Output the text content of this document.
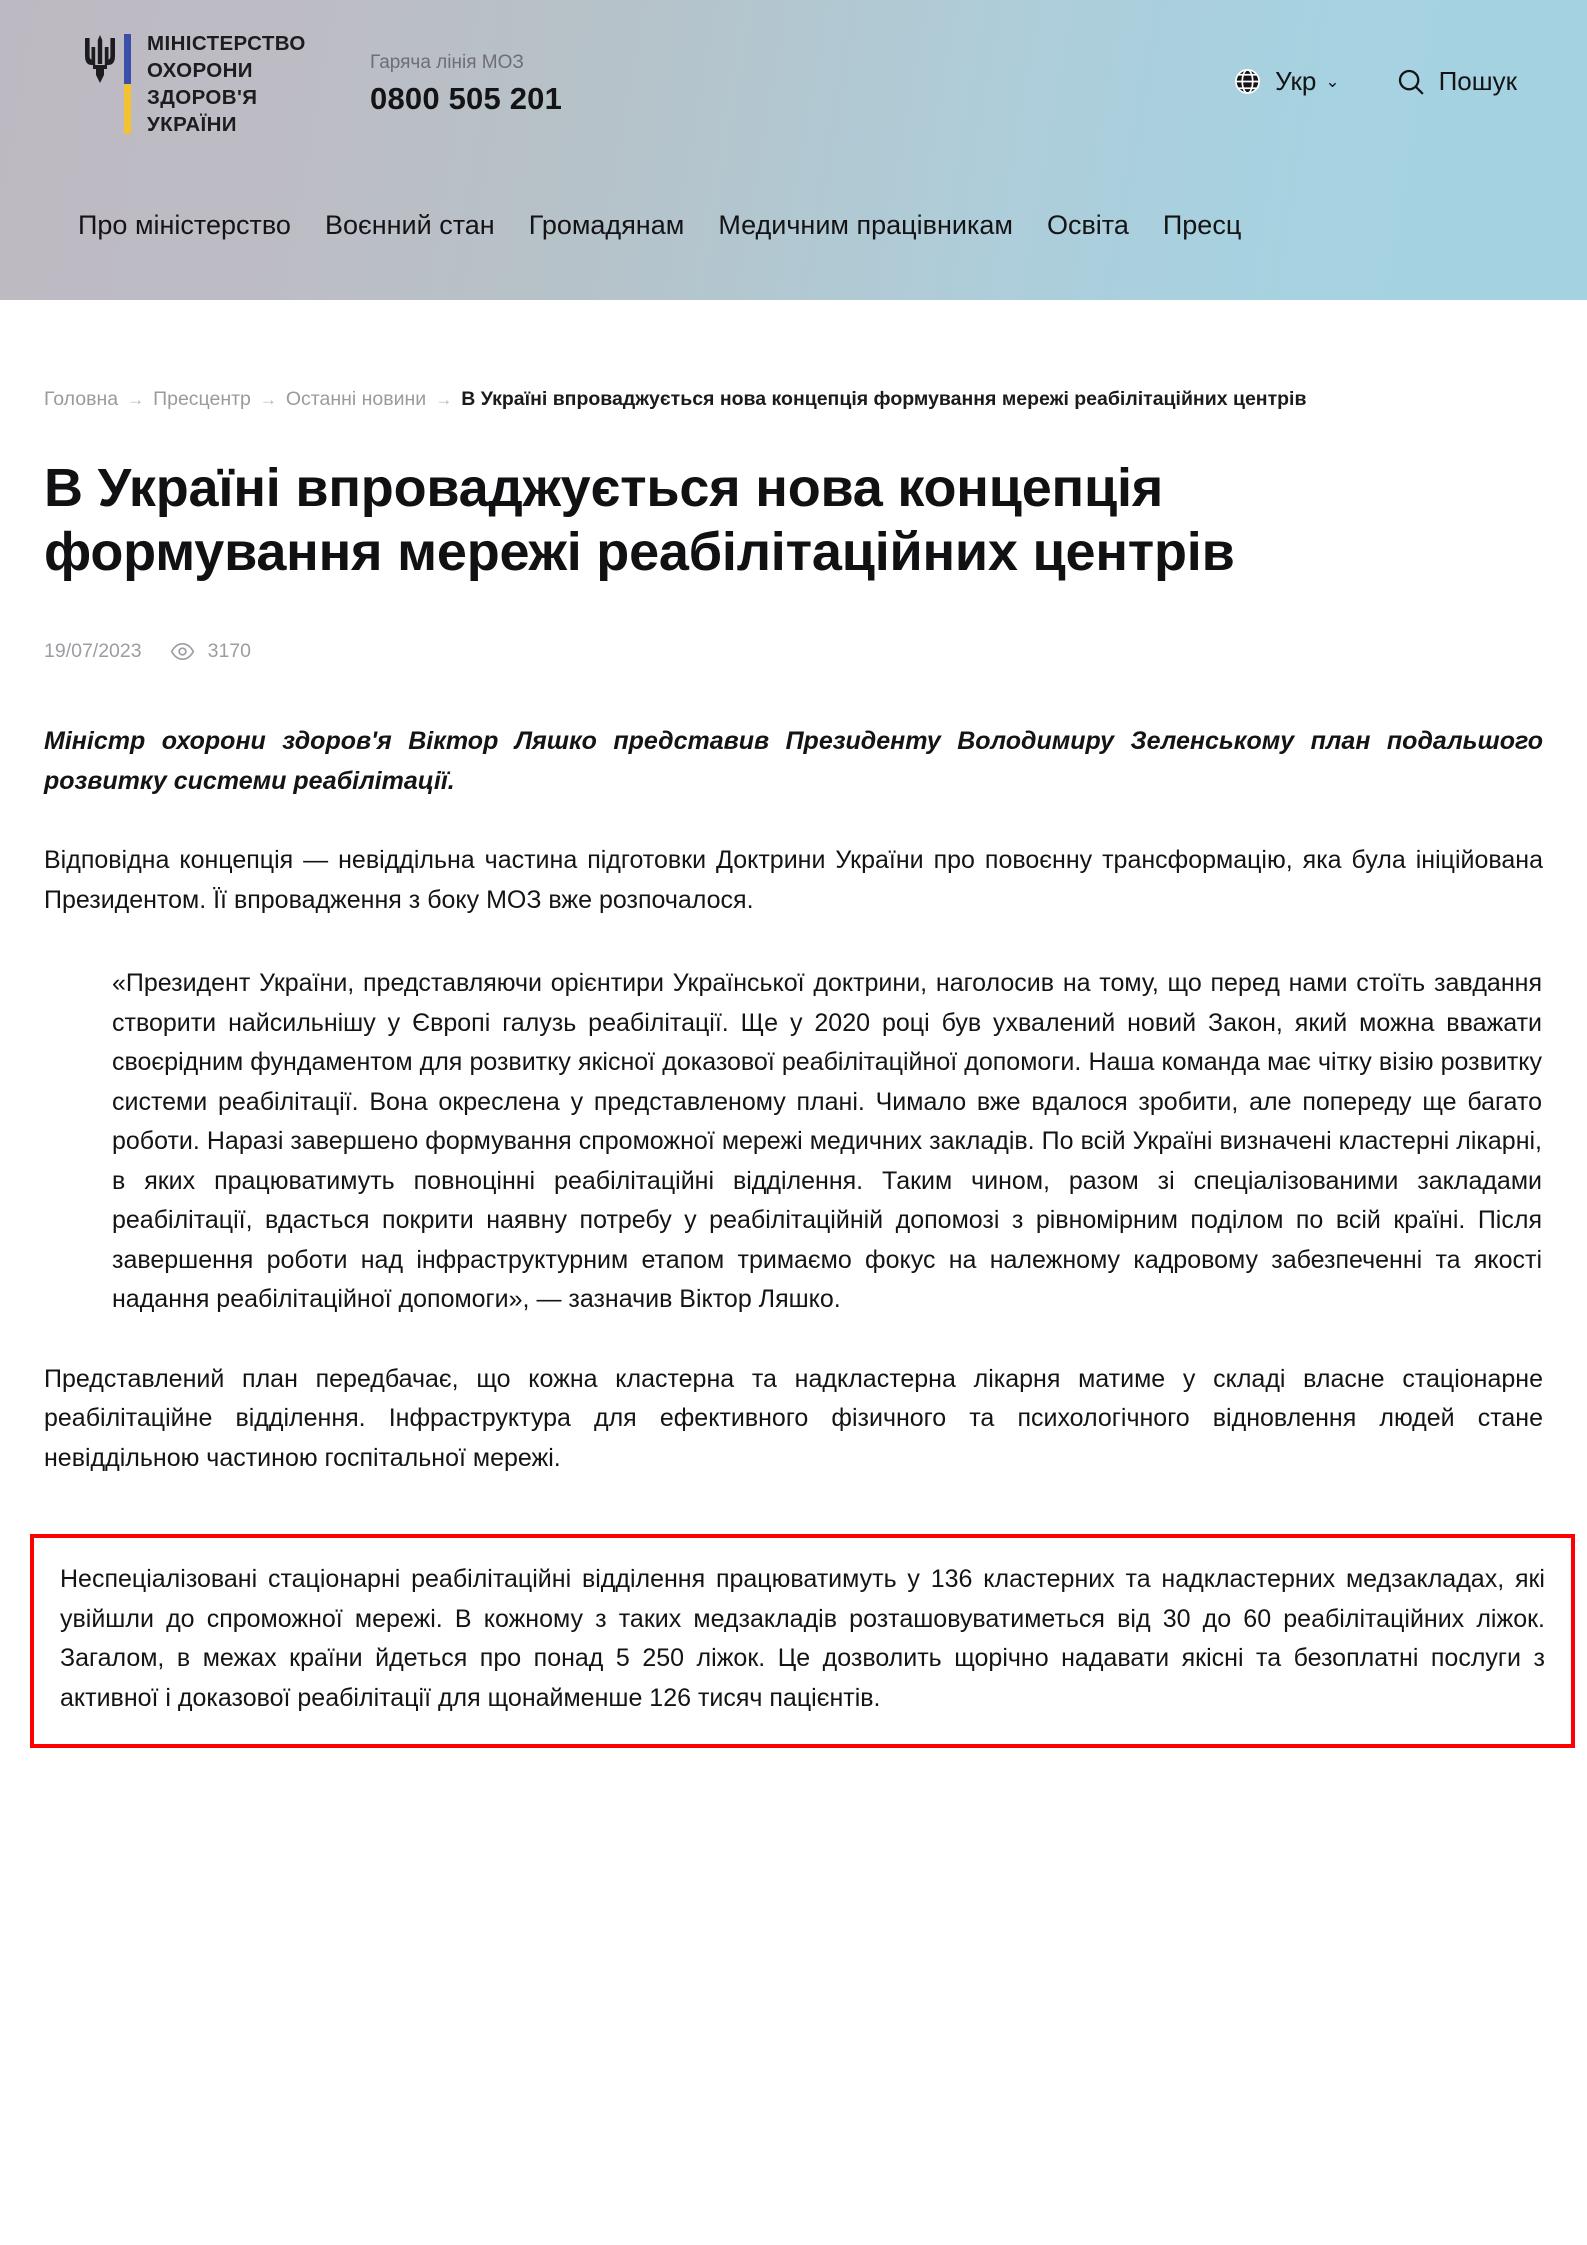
МІНІСТЕРСТВО
ОХОРОНИ
ЗДОРОВ'Я
УКРАЇНИ
Гаряча лінія МОЗ
0800 505 201	Укр ⌄	Пошук
Про міністерство Воєнний стан Громадянам Медичним працівникам Освіта Пресц
Головна → Пресцентр → Останні новини → В Україні впроваджується нова концепція формування мережі реабілітаційних центрів
В Україні впроваджується нова концепція формування мережі реабілітаційних центрів
19/07/2023	3170

Міністр охорони здоров'я Віктор Ляшко представив Президенту Володимиру Зеленському план подальшого розвитку системи реабілітації.

Відповідна концепція — невіддільна частина підготовки Доктрини України про повоєнну трансформацію, яка була ініційована Президентом. Її впровадження з боку МОЗ вже розпочалося.

«Президент України, представляючи орієнтири Української доктрини, наголосив на тому, що перед нами стоїть завдання створити найсильнішу у Європі галузь реабілітації. Ще у 2020 році був ухвалений новий Закон, який можна вважати своєрідним фундаментом для розвитку якісної доказової реабілітаційної допомоги. Наша команда має чітку візію розвитку системи реабілітації. Вона окреслена у представленому плані. Чимало вже вдалося зробити, але попереду ще багато роботи. Наразі завершено формування спроможної мережі медичних закладів. По всій Україні визначені кластерні лікарні, в яких працюватимуть повноцінні реабілітаційні відділення. Таким чином, разом зі спеціалізованими закладами реабілітації, вдасться покрити наявну потребу у реабілітаційній допомозі з рівномірним поділом по всій країні. Після завершення роботи над інфраструктурним етапом тримаємо фокус на належному кадровому забезпеченні та якості надання реабілітаційної допомоги», — зазначив Віктор Ляшко.

Представлений план передбачає, що кожна кластерна та надкластерна лікарня матиме у складі власне стаціонарне реабілітаційне відділення. Інфраструктура для ефективного фізичного та психологічного відновлення людей стане невіддільною частиною госпітальної мережі.

Неспеціалізовані стаціонарні реабілітаційні відділення працюватимуть у 136 кластерних та надкластерних медзакладах, які увійшли до спроможної мережі. В кожному з таких медзакладів розташовуватиметься від 30 до 60 реабілітаційних ліжок. Загалом, в межах країни йдеться про понад 5 250 ліжок. Це дозволить щорічно надавати якісні та безоплатні послуги з активної і доказової реабілітації для щонайменше 126 тисяч пацієнтів.
